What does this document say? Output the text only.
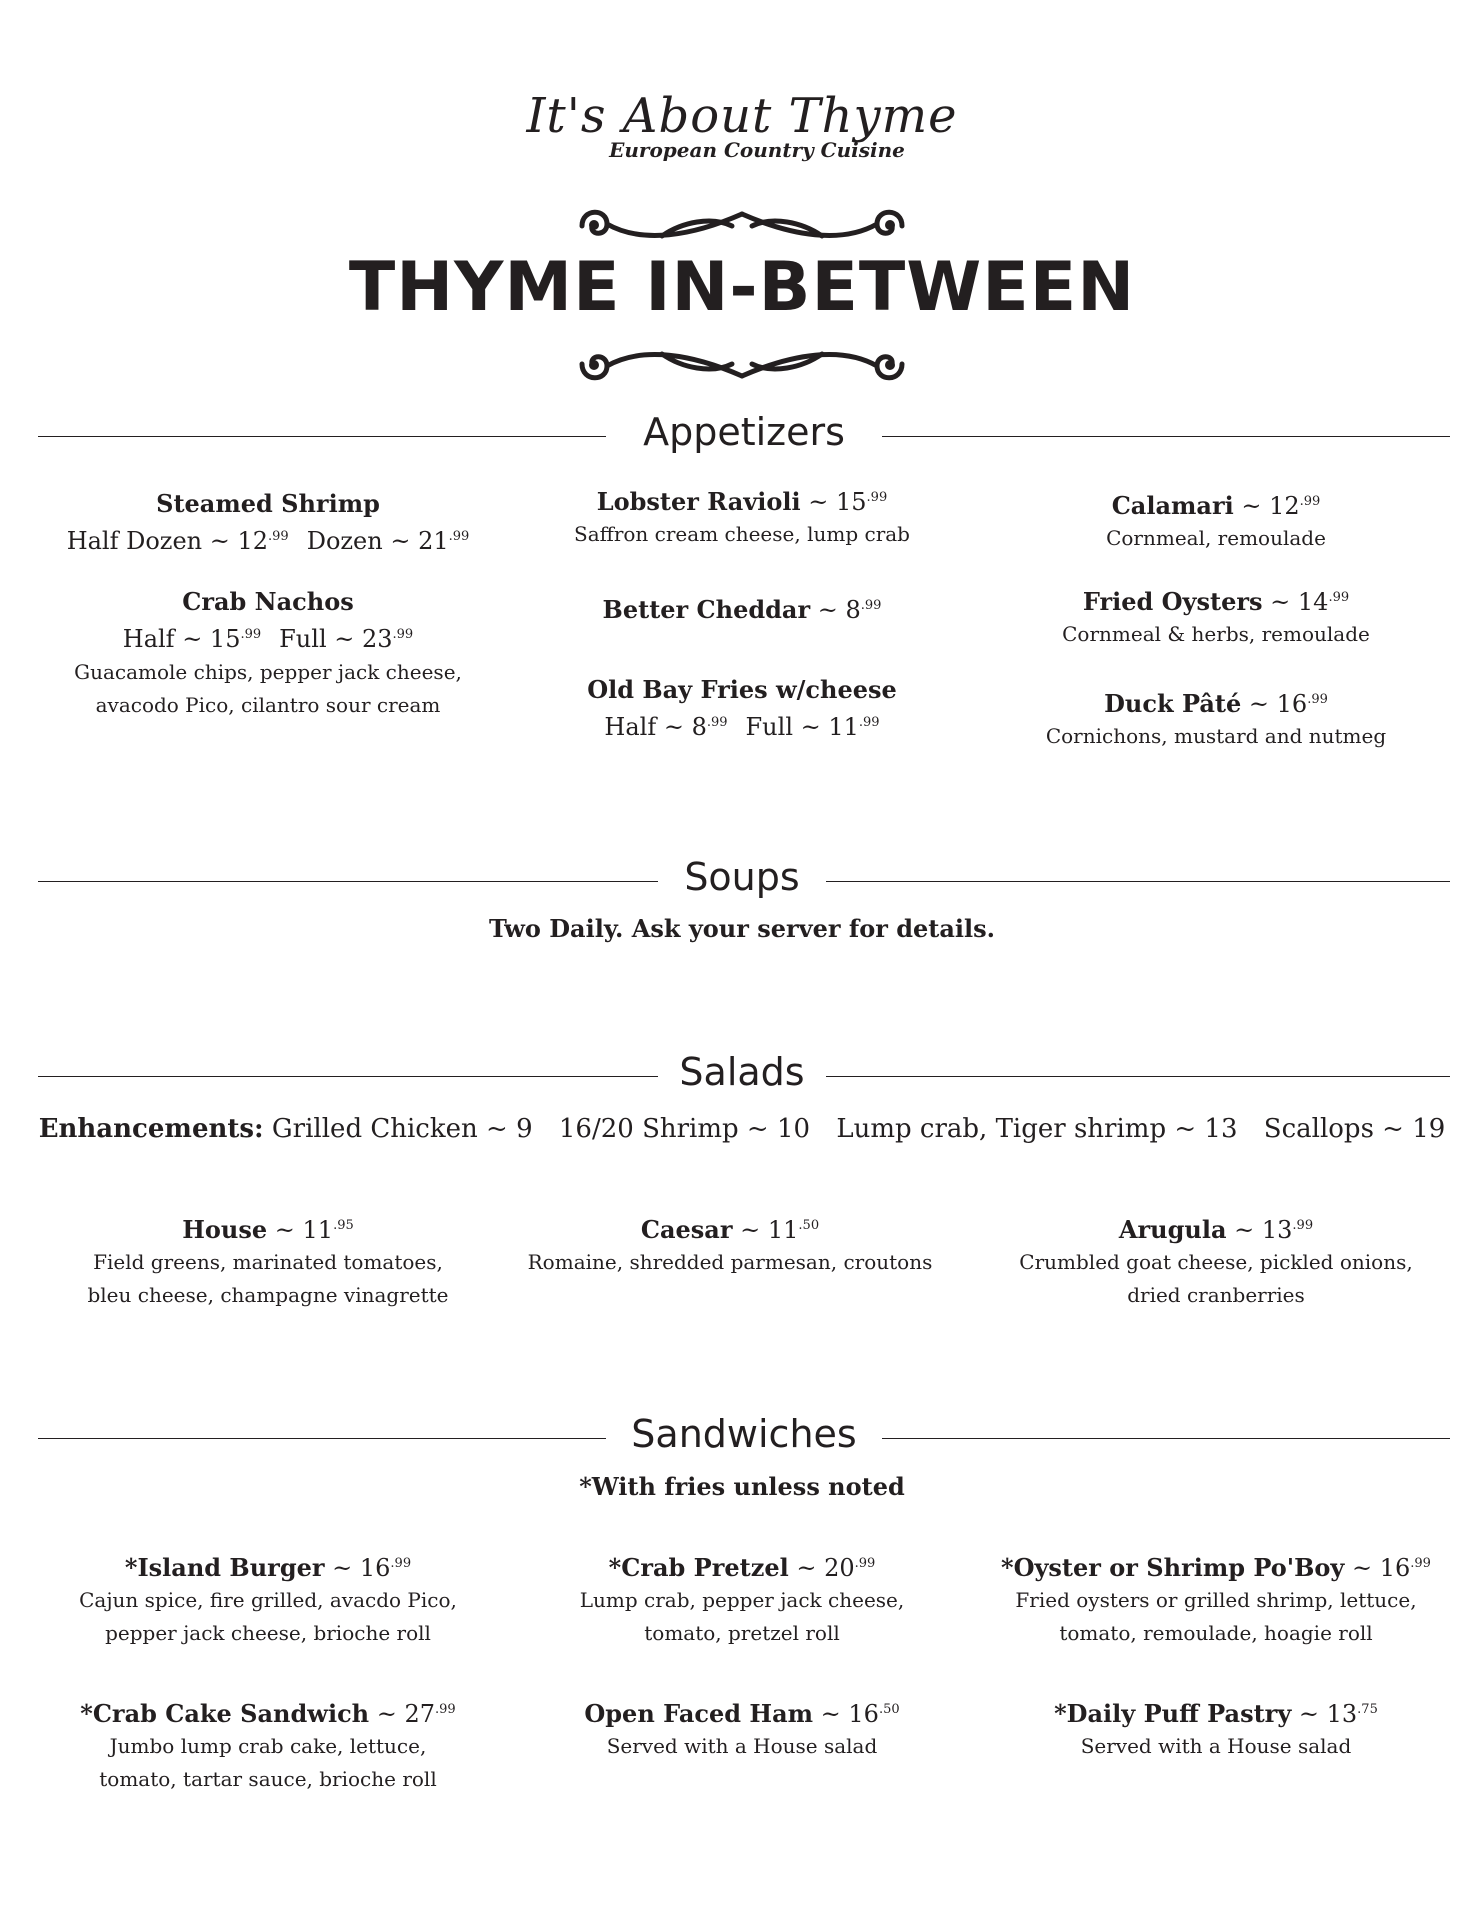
It's About Thyme
European Country Cuisine
THYME IN-BETWEEN
Appetizers
Steamed Shrimp
Half Dozen ~ $12^{.99}$ Dozen ~ $21^{.99}$
Crab Nachos
Half ~ $15^{.99}$ Full ~ $23^{.99}$
Guacamole chips, pepper jack cheese,
avacodo Pico, cilantro sour cream
Lobster Ravioli ~ $15^{.99}$
Saffron cream cheese, lump crab
Better Cheddar ~ $8^{.99}$
Old Bay Fries w/cheese
Half ~ $8^{.99}$ Full ~ $11^{.99}$
Calamari ~ $12^{.99}$
Cornmeal, remoulade
Fried Oysters ~ $14^{.99}$
Cornmeal & herbs, remoulade
Duck Pâté ~ $16^{.99}$
Cornichons, mustard and nutmeg
Soups
Two Daily. Ask your server for details.
Salads
Enhancements: Grilled Chicken ~ 9 16/20 Shrimp ~ 10 Lump crab, Tiger shrimp ~ 13 Scallops ~ 19
House ~ $11^{.95}$
Field greens, marinated tomatoes,
bleu cheese, champagne vinagrette
Caesar ~ $11^{.50}$
Romaine, shredded parmesan, croutons
Arugula ~ $13^{.99}$
Crumbled goat cheese, pickled onions,
dried cranberries
Sandwiches
*With fries unless noted
*Island Burger ~ $16^{.99}$
Cajun spice, fire grilled, avacdo Pico,
pepper jack cheese, brioche roll
*Crab Cake Sandwich ~ $27^{.99}$
Jumbo lump crab cake, lettuce,
tomato, tartar sauce, brioche roll
*Crab Pretzel ~ $20^{.99}$
Lump crab, pepper jack cheese,
tomato, pretzel roll
Open Faced Ham ~ $16^{.50}$
Served with a House salad
*Oyster or Shrimp Po'Boy ~ $16^{.99}$
Fried oysters or grilled shrimp, lettuce,
tomato, remoulade, hoagie roll
*Daily Puff Pastry ~ $13^{.75}$
Served with a House salad
